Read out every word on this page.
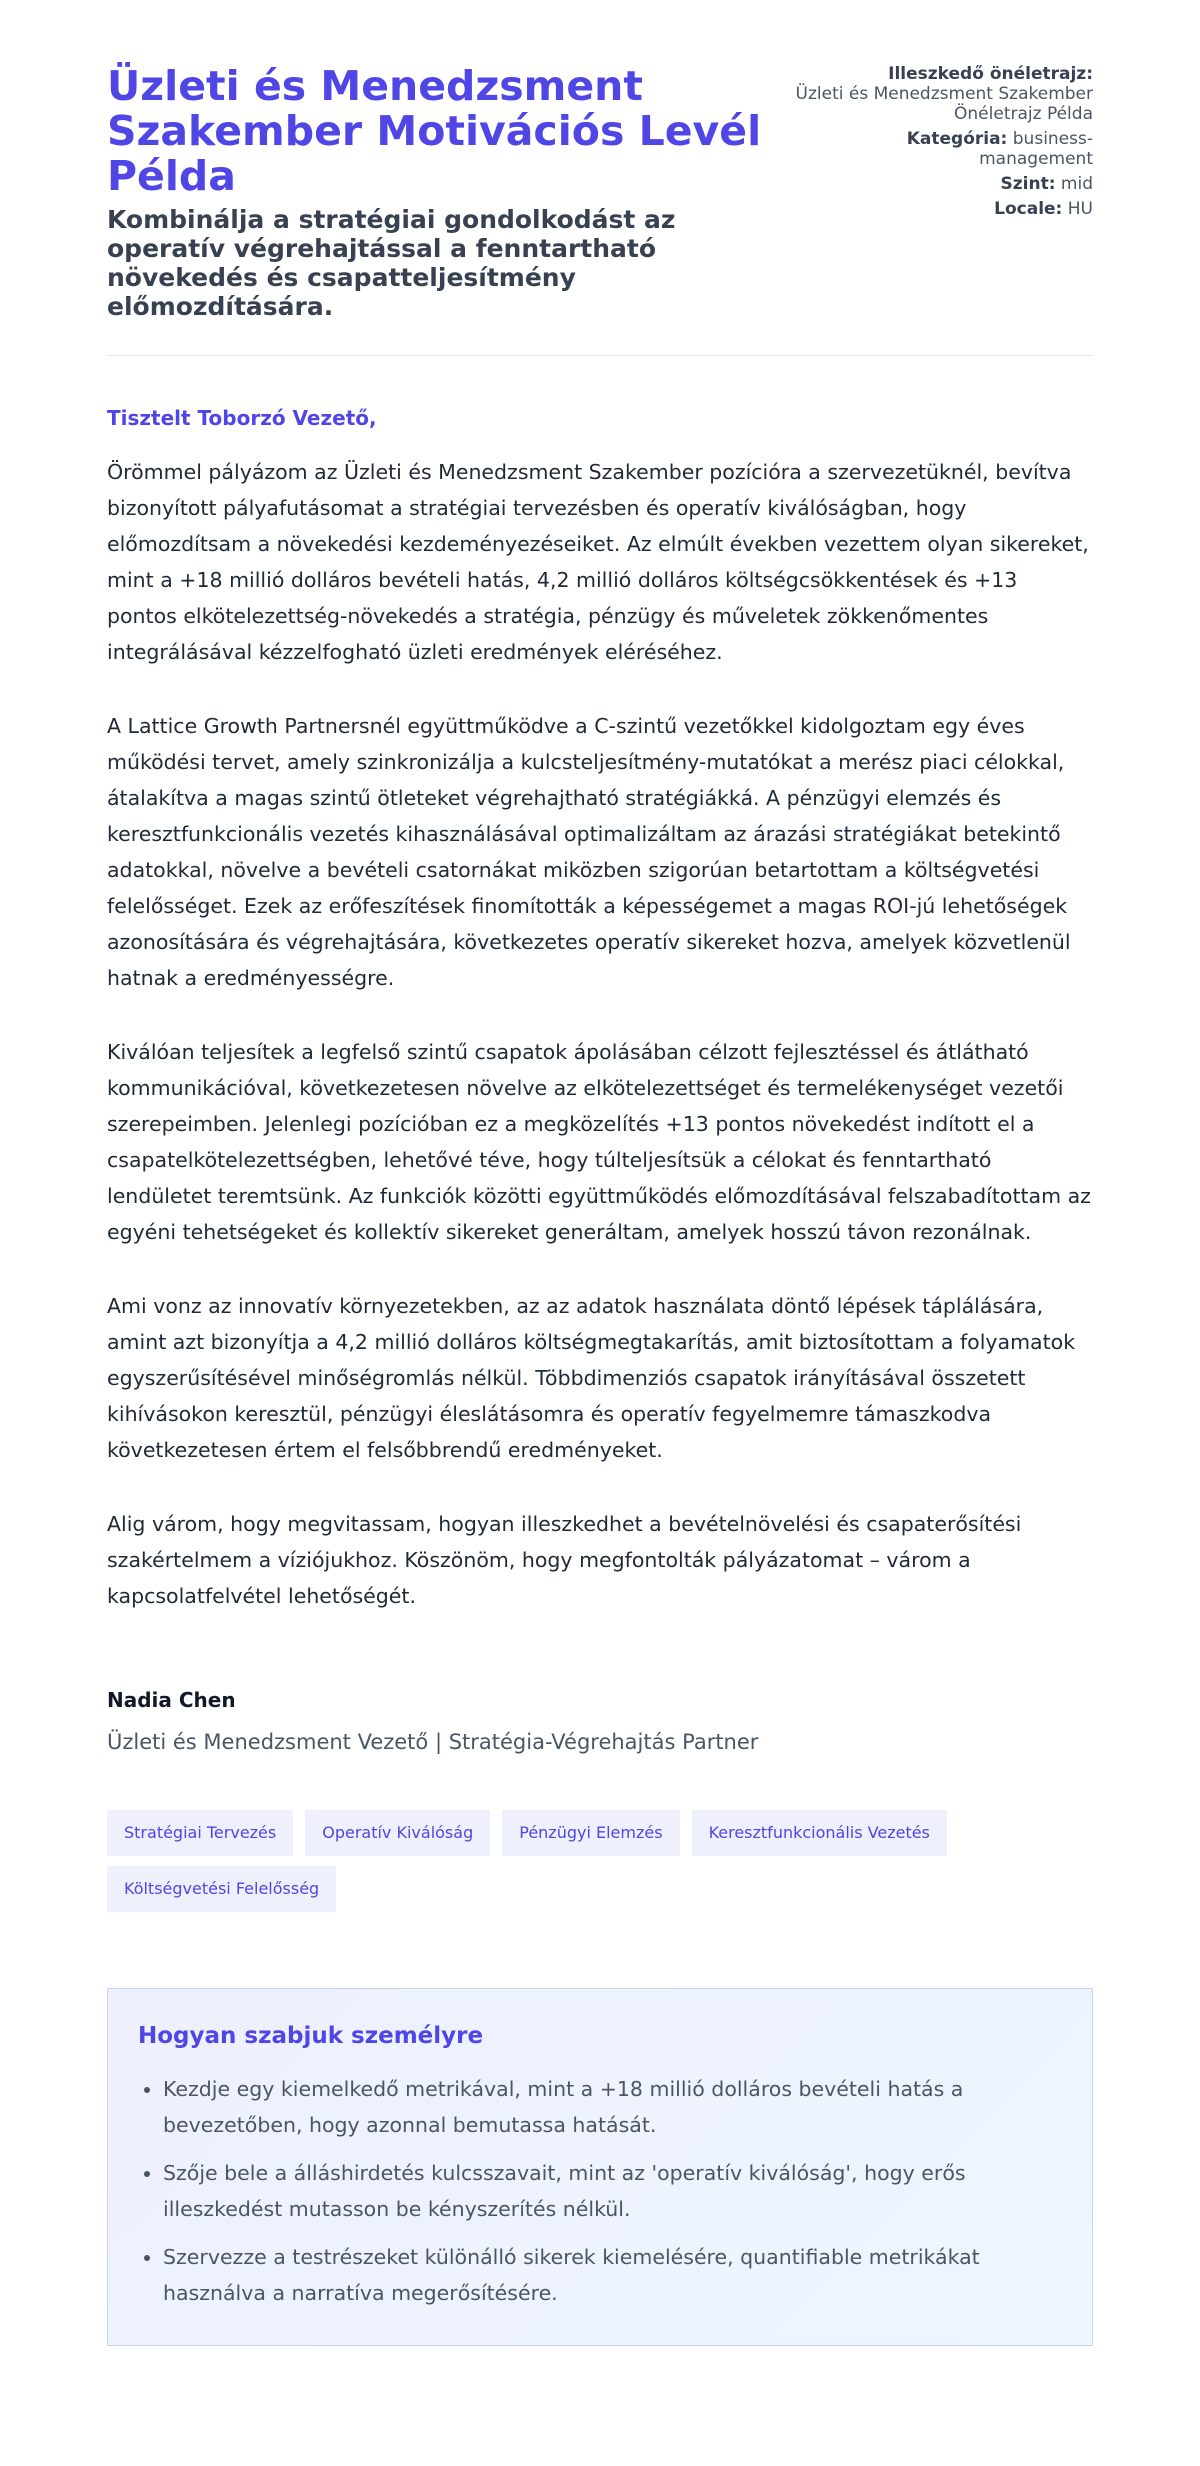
Üzleti és Menedzsment Szakember Motivációs Levél Példa
Kombinálja a stratégiai gondolkodást az operatív végrehajtással a fenntartható növekedés és csapatteljesítmény előmozdítására.
Illeszkedő önéletrajz:
Üzleti és Menedzsment Szakember Önéletrajz Példa
Kategória: business-management
Szint: mid
Locale: HU

Tisztelt Toborzó Vezető,

Örömmel pályázom az Üzleti és Menedzsment Szakember pozícióra a szervezetüknél, bevítva bizonyított pályafutásomat a stratégiai tervezésben és operatív kiválóságban, hogy előmozdítsam a növekedési kezdeményezéseiket. Az elmúlt években vezettem olyan sikereket, mint a +18 millió dolláros bevételi hatás, 4,2 millió dolláros költségcsökkentések és +13 pontos elkötelezettség-növekedés a stratégia, pénzügy és műveletek zökkenőmentes integrálásával kézzelfogható üzleti eredmények eléréséhez.

A Lattice Growth Partnersnél együttműködve a C-szintű vezetőkkel kidolgoztam egy éves működési tervet, amely szinkronizálja a kulcsteljesítmény-mutatókat a merész piaci célokkal, átalakítva a magas szintű ötleteket végrehajtható stratégiákká. A pénzügyi elemzés és keresztfunkcionális vezetés kihasználásával optimalizáltam az árazási stratégiákat betekintő adatokkal, növelve a bevételi csatornákat miközben szigorúan betartottam a költségvetési felelősséget. Ezek az erőfeszítések finomították a képességemet a magas ROI-jú lehetőségek azonosítására és végrehajtására, következetes operatív sikereket hozva, amelyek közvetlenül hatnak a eredményességre.

Kiválóan teljesítek a legfelső szintű csapatok ápolásában célzott fejlesztéssel és átlátható kommunikációval, következetesen növelve az elkötelezettséget és termelékenységet vezetői szerepeimben. Jelenlegi pozícióban ez a megközelítés +13 pontos növekedést indított el a csapatelkötelezettségben, lehetővé téve, hogy túlteljesítsük a célokat és fenntartható lendületet teremtsünk. Az funkciók közötti együttműködés előmozdításával felszabadítottam az egyéni tehetségeket és kollektív sikereket generáltam, amelyek hosszú távon rezonálnak.

Ami vonz az innovatív környezetekben, az az adatok használata döntő lépések táplálására, amint azt bizonyítja a 4,2 millió dolláros költségmegtakarítás, amit biztosítottam a folyamatok egyszerűsítésével minőségromlás nélkül. Többdimenziós csapatok irányításával összetett kihívásokon keresztül, pénzügyi éleslátásomra és operatív fegyelmemre támaszkodva következetesen értem el felsőbbrendű eredményeket.

Alig várom, hogy megvitassam, hogyan illeszkedhet a bevételnövelési és csapaterősítési szakértelmem a víziójukhoz. Köszönöm, hogy megfontolták pályázatomat – várom a kapcsolatfelvétel lehetőségét.

Nadia Chen
Üzleti és Menedzsment Vezető | Stratégia-Végrehajtás Partner
Stratégiai Tervezés	Operatív Kiválóság	Pénzügyi Elemzés	Keresztfunkcionális Vezetés
Költségvetési Felelősség
Hogyan szabjuk személyre
• Kezdje egy kiemelkedő metrikával, mint a +18 millió dolláros bevételi hatás a bevezetőben, hogy azonnal bemutassa hatását.
• Szője bele a álláshirdetés kulcsszavait, mint az 'operatív kiválóság', hogy erős illeszkedést mutasson be kényszerítés nélkül.
• Szervezze a testrészeket különálló sikerek kiemelésére, quantifiable metrikákat használva a narratíva megerősítésére.
